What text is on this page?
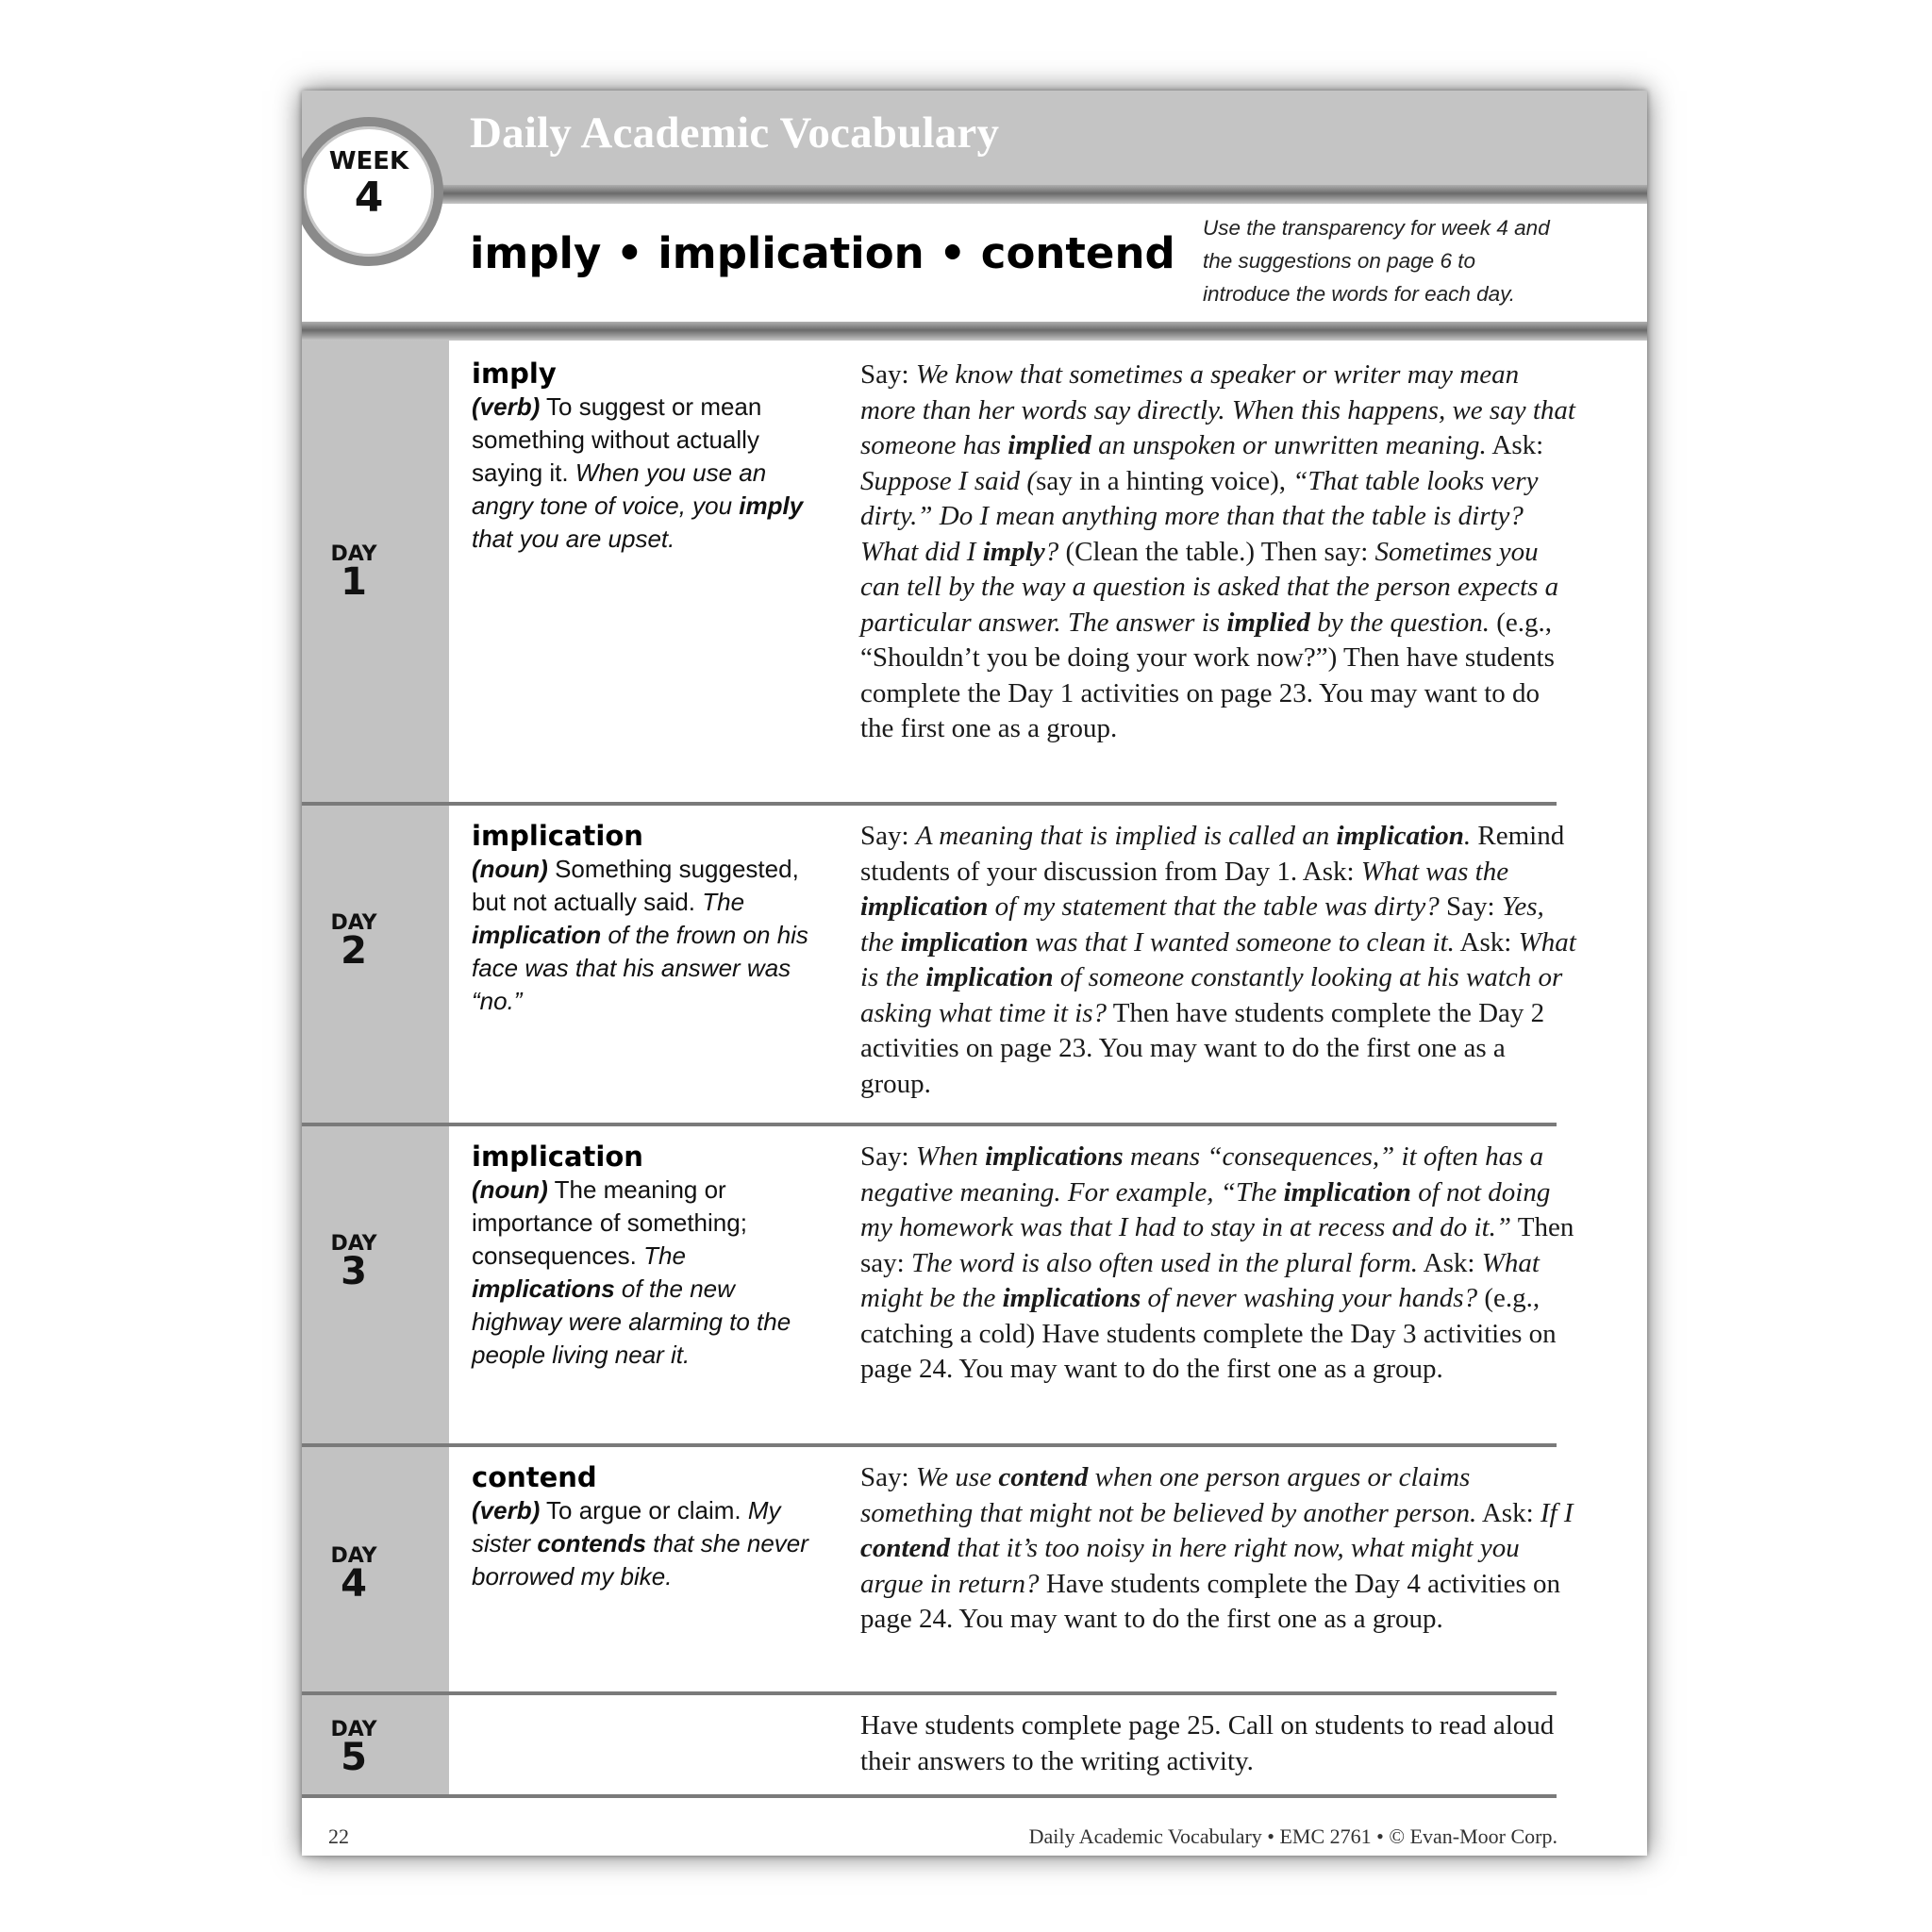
Daily Academic Vocabulary
WEEK
4
imply • implication • contend
Use the transparency for week 4 and the suggestions on page 6 to introduce the words for each day.
DAY
1
imply
(verb) To suggest or mean something without actually saying it. When you use an angry tone of voice, you imply that you are upset.
Say: We know that sometimes a speaker or writer may mean more than her words say directly. When this happens, we say that someone has implied an unspoken or unwritten meaning. Ask: Suppose I said (say in a hinting voice), “That table looks very dirty.” Do I mean anything more than that the table is dirty? What did I imply? (Clean the table.) Then say: Sometimes you can tell by the way a question is asked that the person expects a particular answer. The answer is implied by the question. (e.g., “Shouldn’t you be doing your work now?”) Then have students complete the Day 1 activities on page 23. You may want to do the first one as a group.
DAY
2
implication
(noun) Something suggested, but not actually said. The implication of the frown on his face was that his answer was “no.”
Say: A meaning that is implied is called an implication. Remind students of your discussion from Day 1. Ask: What was the implication of my statement that the table was dirty? Say: Yes, the implication was that I wanted someone to clean it. Ask: What is the implication of someone constantly looking at his watch or asking what time it is? Then have students complete the Day 2 activities on page 23. You may want to do the first one as a group.
DAY
3
implication
(noun) The meaning or importance of something; consequences. The implications of the new highway were alarming to the people living near it.
Say: When implications means “consequences,” it often has a negative meaning. For example, “The implication of not doing my homework was that I had to stay in at recess and do it.” Then say: The word is also often used in the plural form. Ask: What might be the implications of never washing your hands? (e.g., catching a cold) Have students complete the Day 3 activities on page 24. You may want to do the first one as a group.
DAY
4
contend
(verb) To argue or claim. My sister contends that she never borrowed my bike.
Say: We use contend when one person argues or claims something that might not be believed by another person. Ask: If I contend that it’s too noisy in here right now, what might you argue in return? Have students complete the Day 4 activities on page 24. You may want to do the first one as a group.
DAY
5
Have students complete page 25. Call on students to read aloud their answers to the writing activity.
22	Daily Academic Vocabulary • EMC 2761 • © Evan-Moor Corp.
